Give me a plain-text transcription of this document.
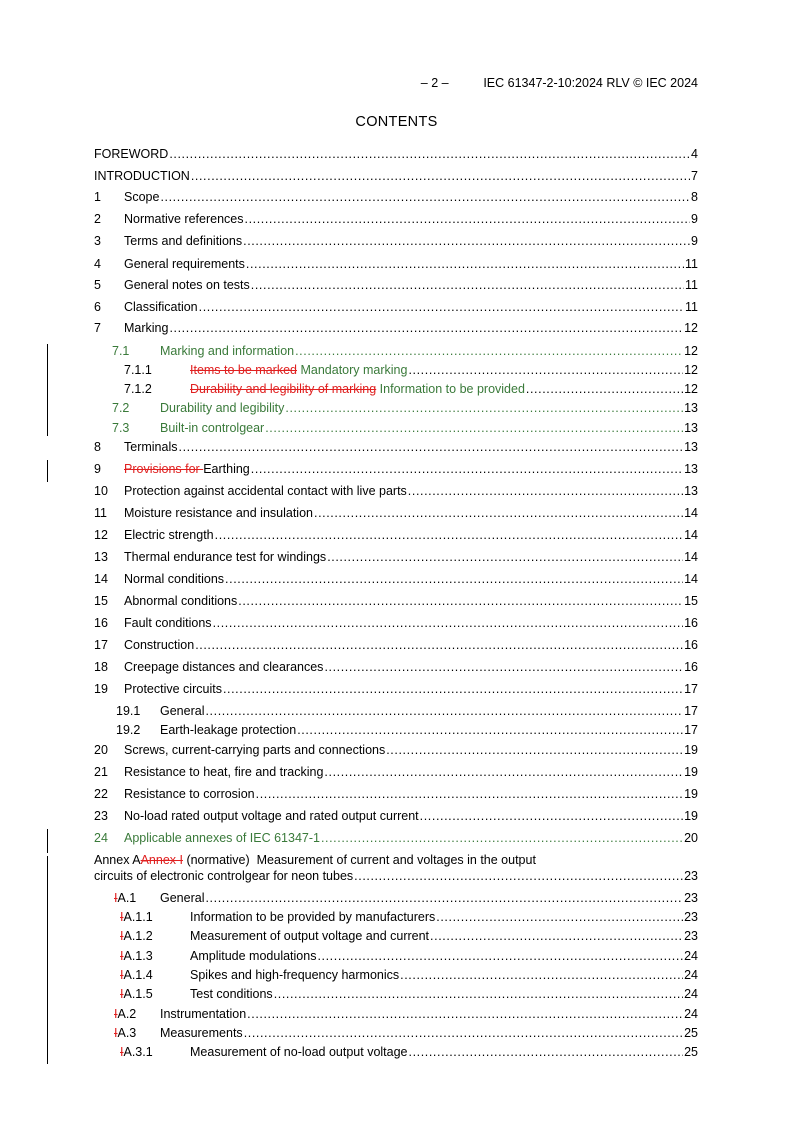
– 2 –	IEC 61347-2-10:2024 RLV © IEC 2024
CONTENTS
FOREWORD .....	4
INTRODUCTION .....	7
1	Scope .....	8
2	Normative references .....	9
3	Terms and definitions .....	9
4	General requirements .....	11
5	General notes on tests .....	11
6	Classification .....	11
7	Marking .....	12
7.1	Marking and information .....	12
7.1.1	Items to be marked Mandatory marking .....	12
7.1.2	Durability and legibility of marking Information to be provided .....	12
7.2	Durability and legibility .....	13
7.3	Built-in controlgear .....	13
8	Terminals .....	13
9	Provisions for Earthing .....	13
10	Protection against accidental contact with live parts .....	13
11	Moisture resistance and insulation .....	14
12	Electric strength .....	14
13	Thermal endurance test for windings .....	14
14	Normal conditions .....	14
15	Abnormal conditions .....	15
16	Fault conditions .....	16
17	Construction .....	16
18	Creepage distances and clearances .....	16
19	Protective circuits .....	17
19.1	General .....	17
19.2	Earth-leakage protection .....	17
20	Screws, current-carrying parts and connections .....	19
21	Resistance to heat, fire and tracking .....	19
22	Resistance to corrosion .....	19
23	No-load rated output voltage and rated output current .....	19
24	Applicable annexes of IEC 61347-1 .....	20
Annex AAnnex I (normative)  Measurement of current and voltages in the output
circuits of electronic controlgear for neon tubes .....	23
IA.1	General .....	23
IA.1.1	Information to be provided by manufacturers .....	23
IA.1.2	Measurement of output voltage and current .....	23
IA.1.3	Amplitude modulations .....	24
IA.1.4	Spikes and high-frequency harmonics .....	24
IA.1.5	Test conditions .....	24
IA.2	Instrumentation .....	24
IA.3	Measurements .....	25
IA.3.1	Measurement of no-load output voltage .....	25
